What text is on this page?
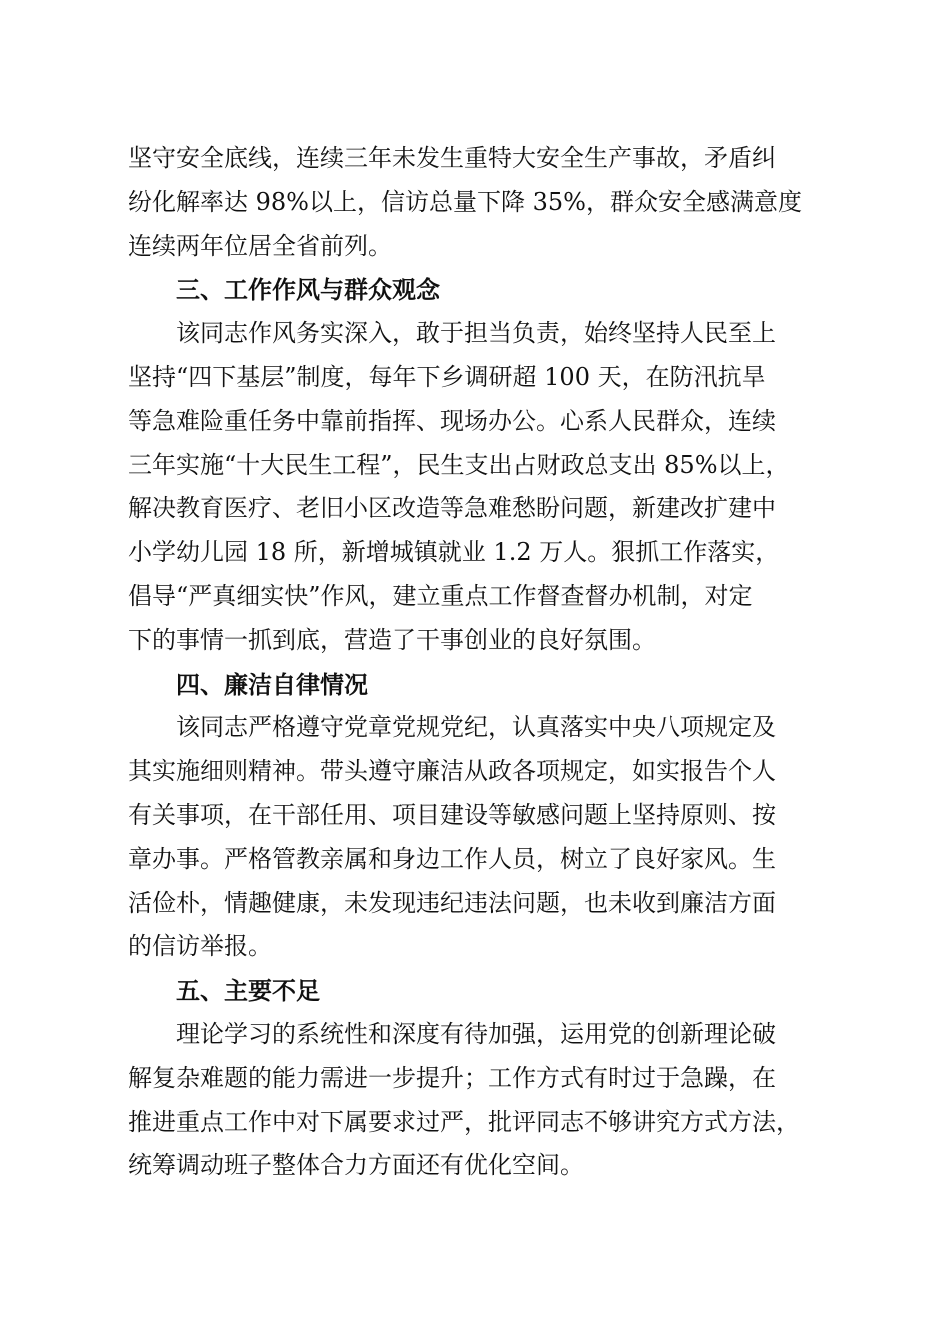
坚守安全底线，连续三年未发生重特大安全生产事故，矛盾纠
纷化解率达 98%以上，信访总量下降 35%，群众安全感满意度
连续两年位居全省前列。

三、工作作风与群众观念

该同志作风务实深入，敢于担当负责，始终坚持人民至上
坚持“四下基层”制度，每年下乡调研超 100 天，在防汛抗旱
等急难险重任务中靠前指挥、现场办公。心系人民群众，连续
三年实施“十大民生工程”，民生支出占财政总支出 85%以上，
解决教育医疗、老旧小区改造等急难愁盼问题，新建改扩建中
小学幼儿园 18 所，新增城镇就业 1.2 万人。狠抓工作落实，
倡导“严真细实快”作风，建立重点工作督查督办机制，对定
下的事情一抓到底，营造了干事创业的良好氛围。

四、廉洁自律情况

该同志严格遵守党章党规党纪，认真落实中央八项规定及
其实施细则精神。带头遵守廉洁从政各项规定，如实报告个人
有关事项，在干部任用、项目建设等敏感问题上坚持原则、按
章办事。严格管教亲属和身边工作人员，树立了良好家风。生
活俭朴，情趣健康，未发现违纪违法问题，也未收到廉洁方面
的信访举报。

五、主要不足

理论学习的系统性和深度有待加强，运用党的创新理论破
解复杂难题的能力需进一步提升；工作方式有时过于急躁，在
推进重点工作中对下属要求过严，批评同志不够讲究方式方法，
统筹调动班子整体合力方面还有优化空间。
